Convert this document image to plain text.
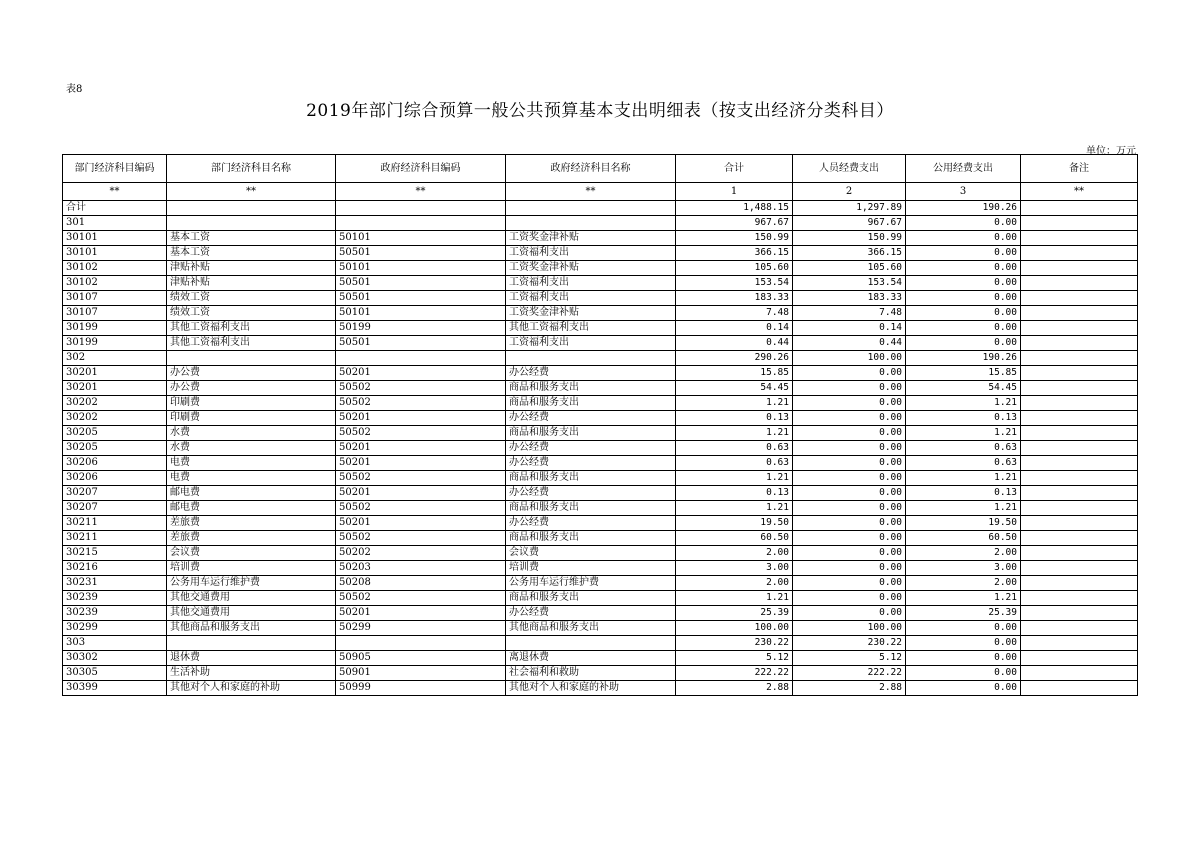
表8
2019年部门综合预算一般公共预算基本支出明细表（按支出经济分类科目）
单位：万元
部门经济科目编码	部门经济科目名称	政府经济科目编码	政府经济科目名称	合计	人员经费支出	公用经费支出	备注
**	**	**	**	1	2	3	**
合计				1,488.15	1,297.89	190.26	
301				967.67	967.67	0.00	
30101	基本工资	50101	工资奖金津补贴	150.99	150.99	0.00	
30101	基本工资	50501	工资福利支出	366.15	366.15	0.00	
30102	津贴补贴	50101	工资奖金津补贴	105.60	105.60	0.00	
30102	津贴补贴	50501	工资福利支出	153.54	153.54	0.00	
30107	绩效工资	50501	工资福利支出	183.33	183.33	0.00	
30107	绩效工资	50101	工资奖金津补贴	7.48	7.48	0.00	
30199	其他工资福利支出	50199	其他工资福利支出	0.14	0.14	0.00	
30199	其他工资福利支出	50501	工资福利支出	0.44	0.44	0.00	
302				290.26	100.00	190.26	
30201	办公费	50201	办公经费	15.85	0.00	15.85	
30201	办公费	50502	商品和服务支出	54.45	0.00	54.45	
30202	印刷费	50502	商品和服务支出	1.21	0.00	1.21	
30202	印刷费	50201	办公经费	0.13	0.00	0.13	
30205	水费	50502	商品和服务支出	1.21	0.00	1.21	
30205	水费	50201	办公经费	0.63	0.00	0.63	
30206	电费	50201	办公经费	0.63	0.00	0.63	
30206	电费	50502	商品和服务支出	1.21	0.00	1.21	
30207	邮电费	50201	办公经费	0.13	0.00	0.13	
30207	邮电费	50502	商品和服务支出	1.21	0.00	1.21	
30211	差旅费	50201	办公经费	19.50	0.00	19.50	
30211	差旅费	50502	商品和服务支出	60.50	0.00	60.50	
30215	会议费	50202	会议费	2.00	0.00	2.00	
30216	培训费	50203	培训费	3.00	0.00	3.00	
30231	公务用车运行维护费	50208	公务用车运行维护费	2.00	0.00	2.00	
30239	其他交通费用	50502	商品和服务支出	1.21	0.00	1.21	
30239	其他交通费用	50201	办公经费	25.39	0.00	25.39	
30299	其他商品和服务支出	50299	其他商品和服务支出	100.00	100.00	0.00	
303				230.22	230.22	0.00	
30302	退休费	50905	离退休费	5.12	5.12	0.00	
30305	生活补助	50901	社会福利和救助	222.22	222.22	0.00	
30399	其他对个人和家庭的补助	50999	其他对个人和家庭的补助	2.88	2.88	0.00	
